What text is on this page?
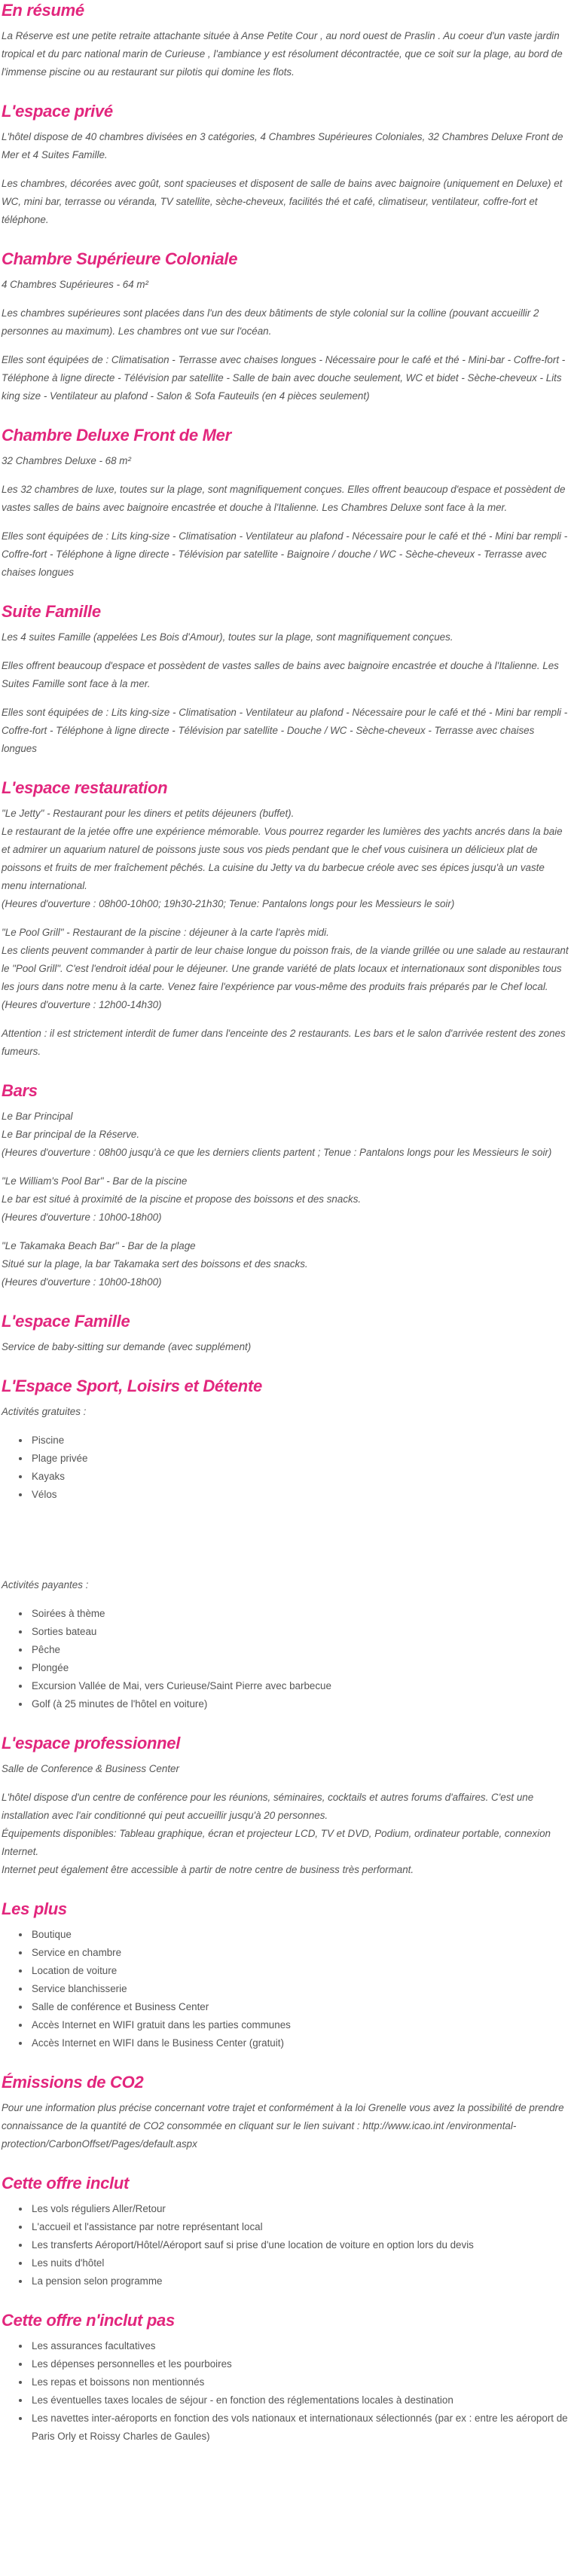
En résumé

La Réserve est une petite retraite attachante située à Anse Petite Cour , au nord ouest de Praslin . Au coeur d'un vaste jardin tropical et du parc national marin de Curieuse , l'ambiance y est résolument décontractée, que ce soit sur la plage, au bord de l'immense piscine ou au restaurant sur pilotis qui domine les flots.

L'espace privé

L'hôtel dispose de 40 chambres divisées en 3 catégories, 4 Chambres Supérieures Coloniales, 32 Chambres Deluxe Front de Mer et 4 Suites Famille.

Les chambres, décorées avec goût, sont spacieuses et disposent de salle de bains avec baignoire (uniquement en Deluxe) et WC, mini bar, terrasse ou véranda, TV satellite, sèche-cheveux, facilités thé et café, climatiseur, ventilateur, coffre-fort et téléphone.

Chambre Supérieure Coloniale

4 Chambres Supérieures - 64 m²

Les chambres supérieures sont placées dans l'un des deux bâtiments de style colonial sur la colline (pouvant accueillir 2 personnes au maximum). Les chambres ont vue sur l'océan.

Elles sont équipées de : Climatisation - Terrasse avec chaises longues - Nécessaire pour le café et thé - Mini-bar - Coffre-fort - Téléphone à ligne directe - Télévision par satellite - Salle de bain avec douche seulement, WC et bidet - Sèche-cheveux - Lits king size - Ventilateur au plafond - Salon & Sofa Fauteuils (en 4 pièces seulement)

Chambre Deluxe Front de Mer

32 Chambres Deluxe - 68 m²

Les 32 chambres de luxe, toutes sur la plage, sont magnifiquement conçues. Elles offrent beaucoup d'espace et possèdent de vastes salles de bains avec baignoire encastrée et douche à l'Italienne. Les Chambres Deluxe sont face à la mer.

Elles sont équipées de : Lits king-size - Climatisation - Ventilateur au plafond - Nécessaire pour le café et thé - Mini bar rempli - Coffre-fort - Téléphone à ligne directe - Télévision par satellite - Baignoire / douche / WC - Sèche-cheveux - Terrasse avec chaises longues

Suite Famille

Les 4 suites Famille (appelées Les Bois d'Amour), toutes sur la plage, sont magnifiquement conçues.

Elles offrent beaucoup d'espace et possèdent de vastes salles de bains avec baignoire encastrée et douche à l'Italienne. Les Suites Famille sont face à la mer.

Elles sont équipées de : Lits king-size - Climatisation - Ventilateur au plafond - Nécessaire pour le café et thé - Mini bar rempli - Coffre-fort - Téléphone à ligne directe - Télévision par satellite - Douche / WC - Sèche-cheveux - Terrasse avec chaises longues

L'espace restauration

"Le Jetty" - Restaurant pour les diners et petits déjeuners (buffet).
Le restaurant de la jetée offre une expérience mémorable. Vous pourrez regarder les lumières des yachts ancrés dans la baie et admirer un aquarium naturel de poissons juste sous vos pieds pendant que le chef vous cuisinera un délicieux plat de poissons et fruits de mer fraîchement pêchés. La cuisine du Jetty va du barbecue créole avec ses épices jusqu'à un vaste menu international.
(Heures d'ouverture : 08h00-10h00; 19h30-21h30; Tenue: Pantalons longs pour les Messieurs le soir)

"Le Pool Grill" - Restaurant de la piscine : déjeuner à la carte l'après midi.
Les clients peuvent commander à partir de leur chaise longue du poisson frais, de la viande grillée ou une salade au restaurant le "Pool Grill". C'est l'endroit idéal pour le déjeuner. Une grande variété de plats locaux et internationaux sont disponibles tous les jours dans notre menu à la carte. Venez faire l'expérience par vous-même des produits frais préparés par le Chef local.
(Heures d'ouverture : 12h00-14h30)

Attention : il est strictement interdit de fumer dans l'enceinte des 2 restaurants. Les bars et le salon d'arrivée restent des zones fumeurs.

Bars

Le Bar Principal
Le Bar principal de la Réserve.
(Heures d'ouverture : 08h00 jusqu'à ce que les derniers clients partent ; Tenue : Pantalons longs pour les Messieurs le soir)

"Le William's Pool Bar" - Bar de la piscine
Le bar est situé à proximité de la piscine et propose des boissons et des snacks.
(Heures d'ouverture : 10h00-18h00)

"Le Takamaka Beach Bar" - Bar de la plage
Situé sur la plage, la bar Takamaka sert des boissons et des snacks.
(Heures d'ouverture : 10h00-18h00)

L'espace Famille

Service de baby-sitting sur demande (avec supplément)

L'Espace Sport, Loisirs et Détente

Activités gratuites :

• Piscine
• Plage privée
• Kayaks
• Vélos

Activités payantes :

• Soirées à thème
• Sorties bateau
• Pêche
• Plongée
• Excursion Vallée de Mai, vers Curieuse/Saint Pierre avec barbecue
• Golf (à 25 minutes de l'hôtel en voiture)
L'espace professionnel

Salle de Conference & Business Center

L'hôtel dispose d'un centre de conférence pour les réunions, séminaires, cocktails et autres forums d'affaires. C'est une installation avec l'air conditionné qui peut accueillir jusqu'à 20 personnes.
Équipements disponibles: Tableau graphique, écran et projecteur LCD, TV et DVD, Podium, ordinateur portable, connexion Internet.
Internet peut également être accessible à partir de notre centre de business très performant.

Les plus
• Boutique
• Service en chambre
• Location de voiture
• Service blanchisserie
• Salle de conférence et Business Center
• Accès Internet en WIFI gratuit dans les parties communes
• Accès Internet en WIFI dans le Business Center (gratuit)
Émissions de CO2

Pour une information plus précise concernant votre trajet et conformément à la loi Grenelle vous avez la possibilité de prendre connaissance de la quantité de CO2 consommée en cliquant sur le lien suivant : http://www.icao.int /environmental-protection/CarbonOffset/Pages/default.aspx

Cette offre inclut
• Les vols réguliers Aller/Retour
• L'accueil et l'assistance par notre représentant local
• Les transferts Aéroport/Hôtel/Aéroport sauf si prise d'une location de voiture en option lors du devis
• Les nuits d'hôtel
• La pension selon programme
Cette offre n'inclut pas
• Les assurances facultatives
• Les dépenses personnelles et les pourboires
• Les repas et boissons non mentionnés
• Les éventuelles taxes locales de séjour - en fonction des réglementations locales à destination
• Les navettes inter-aéroports en fonction des vols nationaux et internationaux sélectionnés (par ex : entre les aéroport de Paris Orly et Roissy Charles de Gaules)
